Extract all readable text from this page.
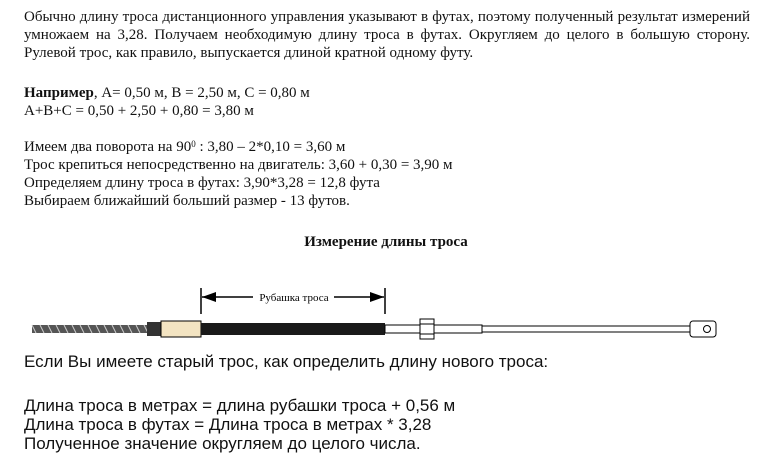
Обычно длину троса дистанционного управления указывают в футах, поэтому полученный результат измерений умножаем на 3,28. Получаем необходимую длину троса в футах. Округляем до целого в большую сторону. Рулевой трос, как правило, выпускается длиной кратной одному футу.

Например, A= 0,50 м, B = 2,50 м, C = 0,80 м
A+B+C = 0,50 + 2,50 + 0,80 = 3,80 м
Имеем два поворота на $90^0$ : 3,80 – 2*0,10 = 3,60 м
Трос крепиться непосредственно на двигатель: 3,60 + 0,30 = 3,90 м
Определяем длину троса в футах: 3,90*3,28 = 12,8 фута
Выбираем ближайший больший размер - 13 футов.
Измерение длины троса
Рубашка троса
Если Вы имеете старый трос, как определить длину нового троса:
Длина троса в метрах = длина рубашки троса + 0,56 м
Длина троса в футах = Длина троса в метрах * 3,28
Полученное значение округляем до целого числа.
